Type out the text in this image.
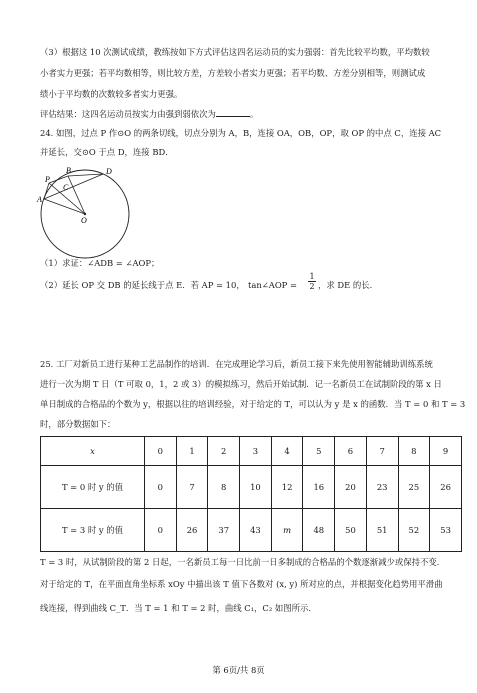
（3）根据这 10 次测试成绩，教练按如下方式评估这四名运动员的实力强弱：首先比较平均数，平均数较
小者实力更强；若平均数相等，则比较方差，方差较小者实力更强；若平均数、方差分别相等，则测试成
绩小于平均数的次数较多者实力更强。
评估结果：这四名运动员按实力由强到弱依次为	。
24. 如图，过点 P 作⊙O 的两条切线，切点分别为 A，B，连接 OA，OB，OP，取 OP 的中点 C，连接 AC
并延长，交⊙O 于点 D，连接 BD．
P
B	D
C
A
O
（1）求证：∠ADB = ∠AOP；
（2）延长 OP 交 DB 的延长线于点 E．若 AP = 10， tan∠AOP =
1
2 ，求 DE 的长．
25. 工厂对新员工进行某种工艺品制作的培训．在完成理论学习后，新员工接下来先使用智能辅助训练系统
进行一次为期 T 日（T 可取 0，1，2 或 3）的模拟练习，然后开始试制．记一名新员工在试制阶段的第 x 日
单日制成的合格品的个数为 y，根据以往的培训经验，对于给定的 T，可以认为 y 是 x 的函数．当 T = 0 和 T = 3
时，部分数据如下：
x	0	1	2	3	4	5	6	7	8	9
T = 0 时 y 的值	0	7	8	10	12	16	20	23	25	26
T = 3 时 y 的值	0	26	37	43	m	48	50	51	52	53
T = 3 时，从试制阶段的第 2 日起，一名新员工每一日比前一日多制成的合格品的个数逐渐减少或保持不变．
对于给定的 T，在平面直角坐标系 xOy 中描出该 T 值下各数对 (x, y) 所对应的点，并根据变化趋势用平滑曲
线连接，得到曲线 C_T．当 T = 1 和 T = 2 时，曲线 C₁，C₂ 如图所示．
第 6页/共 8页
